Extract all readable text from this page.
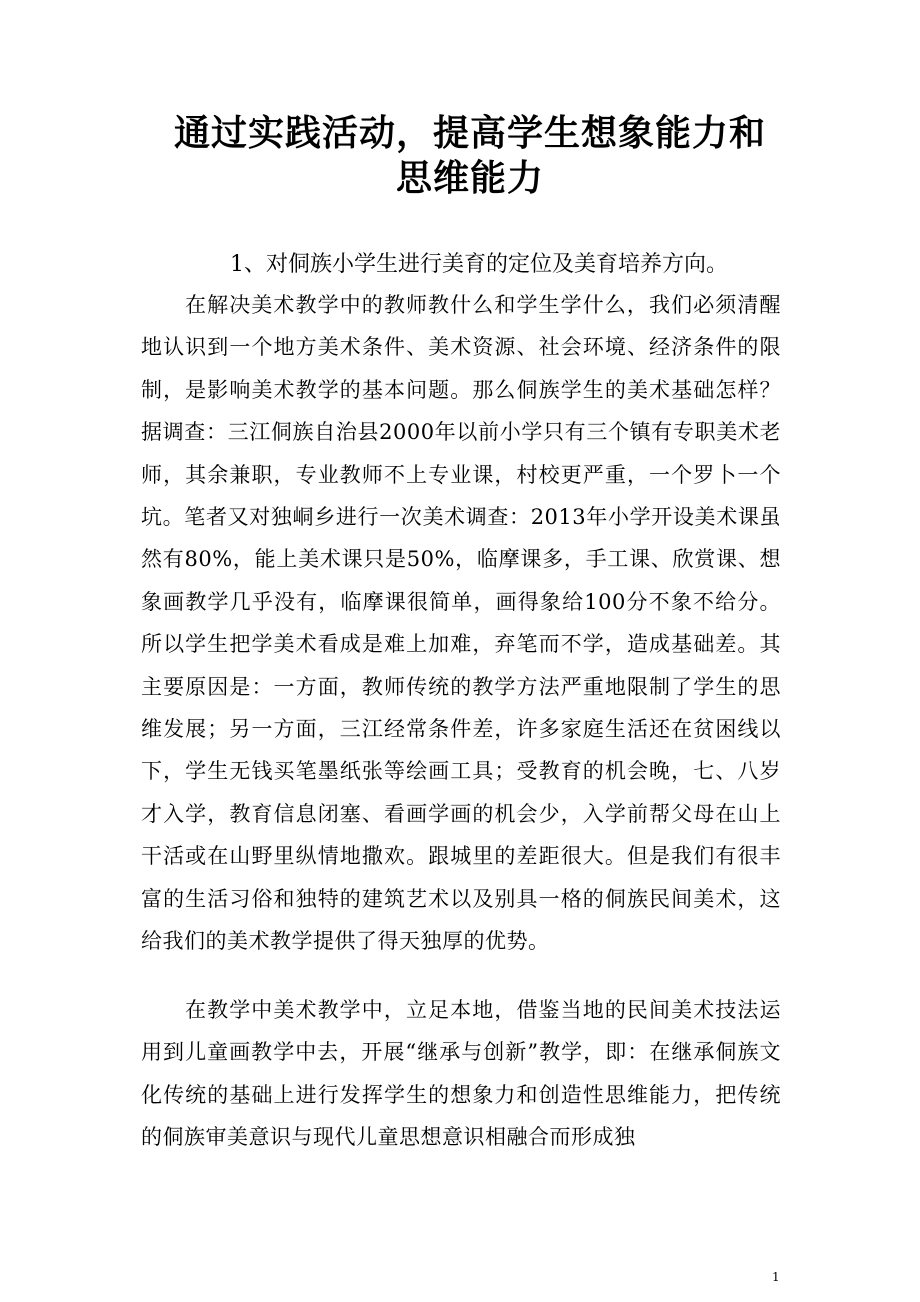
通过实践活动，提高学生想象能力和
思维能力

1、对侗族小学生进行美育的定位及美育培养方向。

在解决美术教学中的教师教什么和学生学什么，我们必须清醒地认识到一个地方美术条件、美术资源、社会环境、经济条件的限制，是影响美术教学的基本问题。那么侗族学生的美术基础怎样？据调查：三江侗族自治县2000年以前小学只有三个镇有专职美术老师，其余兼职，专业教师不上专业课，村校更严重，一个罗卜一个坑。笔者又对独峒乡进行一次美术调查：2013年小学开设美术课虽然有80%，能上美术课只是50%，临摩课多，手工课、欣赏课、想象画教学几乎没有，临摩课很简单，画得象给100分不象不给分。所以学生把学美术看成是难上加难，弃笔而不学，造成基础差。其主要原因是：一方面，教师传统的教学方法严重地限制了学生的思维发展；另一方面，三江经常条件差，许多家庭生活还在贫困线以下，学生无钱买笔墨纸张等绘画工具；受教育的机会晚，七、八岁才入学，教育信息闭塞、看画学画的机会少，入学前帮父母在山上干活或在山野里纵情地撒欢。跟城里的差距很大。但是我们有很丰富的生活习俗和独特的建筑艺术以及别具一格的侗族民间美术，这给我们的美术教学提供了得天独厚的优势。

在教学中美术教学中，立足本地，借鉴当地的民间美术技法运用到儿童画教学中去，开展“继承与创新”教学，即：在继承侗族文化传统的基础上进行发挥学生的想象力和创造性思维能力，把传统的侗族审美意识与现代儿童思想意识相融合而形成独

1
